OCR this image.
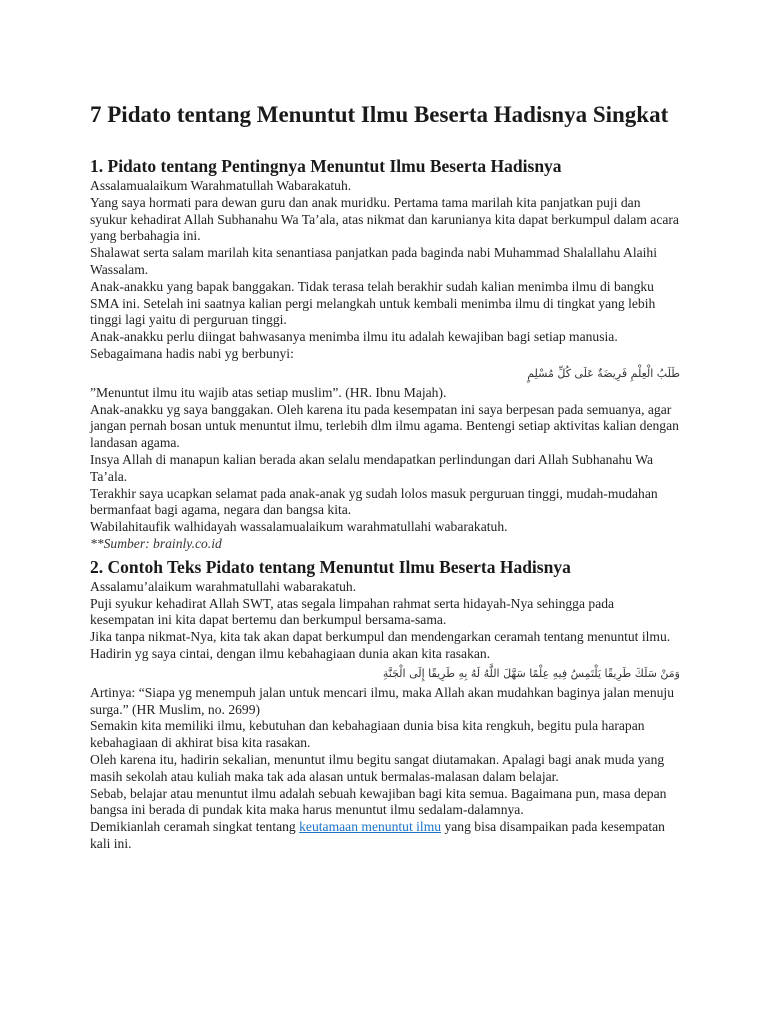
7 Pidato tentang Menuntut Ilmu Beserta Hadisnya Singkat
1. Pidato tentang Pentingnya Menuntut Ilmu Beserta Hadisnya

Assalamualaikum Warahmatullah Wabarakatuh.

Yang saya hormati para dewan guru dan anak muridku. Pertama tama marilah kita panjatkan puji dan syukur kehadirat Allah Subhanahu Wa Ta’ala, atas nikmat dan karunianya kita dapat berkumpul dalam acara yang berbahagia ini.

Shalawat serta salam marilah kita senantiasa panjatkan pada baginda nabi Muhammad Shalallahu Alaihi Wassalam.

Anak-anakku yang bapak banggakan. Tidak terasa telah berakhir sudah kalian menimba ilmu di bangku SMA ini. Setelah ini saatnya kalian pergi melangkah untuk kembali menimba ilmu di tingkat yang lebih tinggi lagi yaitu di perguruan tinggi.

Anak-anakku perlu diingat bahwasanya menimba ilmu itu adalah kewajiban bagi setiap manusia. Sebagaimana hadis nabi yg berbunyi:

طَلَبُ الْعِلْمِ فَرِيضَةٌ عَلَى كُلِّ مُسْلِمٍ

”Menuntut ilmu itu wajib atas setiap muslim”. (HR. Ibnu Majah).

Anak-anakku yg saya banggakan. Oleh karena itu pada kesempatan ini saya berpesan pada semuanya, agar jangan pernah bosan untuk menuntut ilmu, terlebih dlm ilmu agama. Bentengi setiap aktivitas kalian dengan landasan agama.

Insya Allah di manapun kalian berada akan selalu mendapatkan perlindungan dari Allah Subhanahu Wa Ta’ala.

Terakhir saya ucapkan selamat pada anak-anak yg sudah lolos masuk perguruan tinggi, mudah-mudahan bermanfaat bagi agama, negara dan bangsa kita.

Wabilahitaufik walhidayah wassalamualaikum warahmatullahi wabarakatuh.

**Sumber: brainly.co.id

2. Contoh Teks Pidato tentang Menuntut Ilmu Beserta Hadisnya

Assalamu’alaikum warahmatullahi wabarakatuh.

Puji syukur kehadirat Allah SWT, atas segala limpahan rahmat serta hidayah-Nya sehingga pada kesempatan ini kita dapat bertemu dan berkumpul bersama-sama.

Jika tanpa nikmat-Nya, kita tak akan dapat berkumpul dan mendengarkan ceramah tentang menuntut ilmu.

Hadirin yg saya cintai, dengan ilmu kebahagiaan dunia akan kita rasakan.

وَمَنْ سَلَكَ طَرِيقًا يَلْتَمِسُ فِيهِ عِلْمًا سَهَّلَ اللَّهُ لَهُ بِهِ طَرِيقًا إِلَى الْجَنَّةِ

Artinya: “Siapa yg menempuh jalan untuk mencari ilmu, maka Allah akan mudahkan baginya jalan menuju surga.” (HR Muslim, no. 2699)

Semakin kita memiliki ilmu, kebutuhan dan kebahagiaan dunia bisa kita rengkuh, begitu pula harapan kebahagiaan di akhirat bisa kita rasakan.

Oleh karena itu, hadirin sekalian, menuntut ilmu begitu sangat diutamakan. Apalagi bagi anak muda yang masih sekolah atau kuliah maka tak ada alasan untuk bermalas-malasan dalam belajar.

Sebab, belajar atau menuntut ilmu adalah sebuah kewajiban bagi kita semua. Bagaimana pun, masa depan bangsa ini berada di pundak kita maka harus menuntut ilmu sedalam-dalamnya.

Demikianlah ceramah singkat tentang keutamaan menuntut ilmu yang bisa disampaikan pada kesempatan kali ini.
